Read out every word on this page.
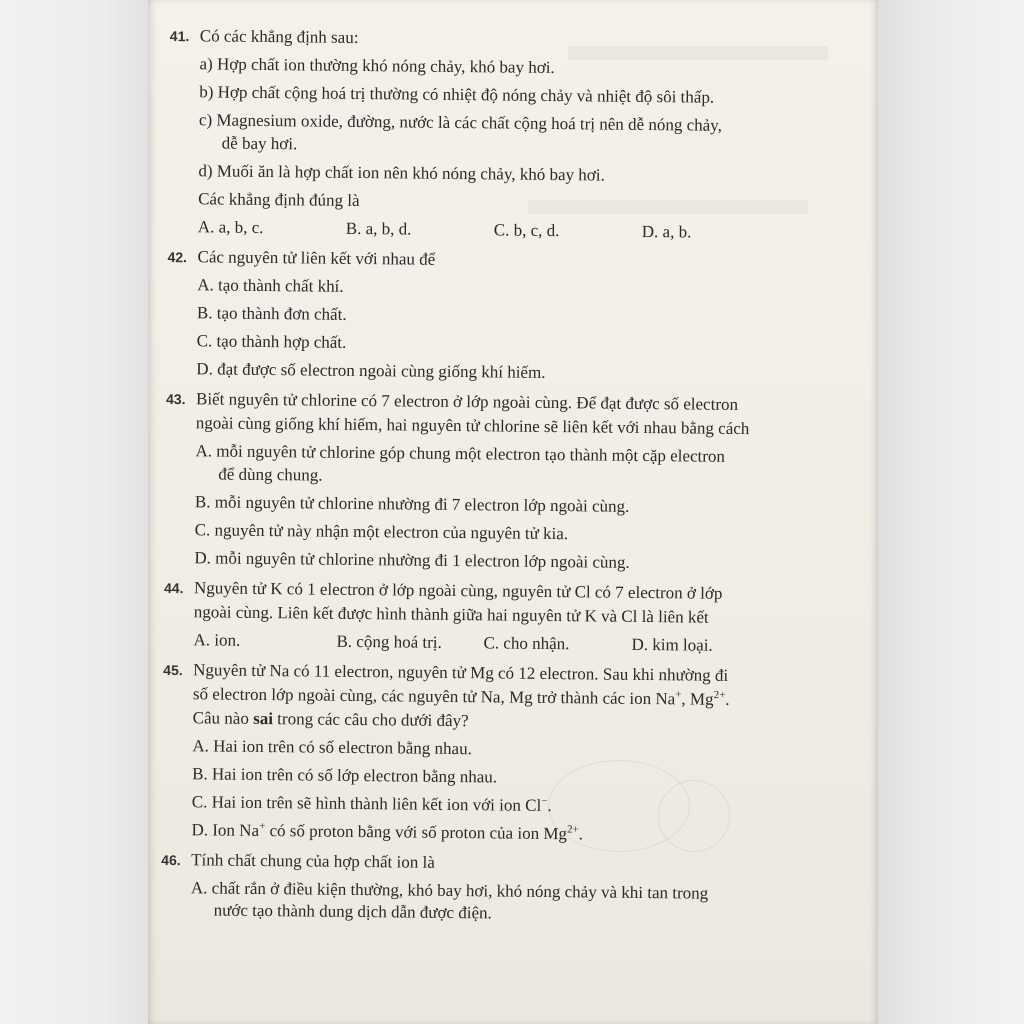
41. Có các khẳng định sau:

a) Hợp chất ion thường khó nóng chảy, khó bay hơi.

b) Hợp chất cộng hoá trị thường có nhiệt độ nóng chảy và nhiệt độ sôi thấp.

c) Magnesium oxide, đường, nước là các chất cộng hoá trị nên dễ nóng chảy,

dễ bay hơi.

d) Muối ăn là hợp chất ion nên khó nóng chảy, khó bay hơi.

Các khẳng định đúng là

A. a, b, c.	B. a, b, d.	C. b, c, d.	D. a, b.
42. Các nguyên tử liên kết với nhau để

A. tạo thành chất khí.

B. tạo thành đơn chất.

C. tạo thành hợp chất.

D. đạt được số electron ngoài cùng giống khí hiếm.

43. Biết nguyên tử chlorine có 7 electron ở lớp ngoài cùng. Để đạt được số electron

ngoài cùng giống khí hiếm, hai nguyên tử chlorine sẽ liên kết với nhau bằng cách

A. mỗi nguyên tử chlorine góp chung một electron tạo thành một cặp electron

để dùng chung.

B. mỗi nguyên tử chlorine nhường đi 7 electron lớp ngoài cùng.

C. nguyên tử này nhận một electron của nguyên tử kia.

D. mỗi nguyên tử chlorine nhường đi 1 electron lớp ngoài cùng.

44. Nguyên tử K có 1 electron ở lớp ngoài cùng, nguyên tử Cl có 7 electron ở lớp

ngoài cùng. Liên kết được hình thành giữa hai nguyên tử K và Cl là liên kết

A. ion.	B. cộng hoá trị.	C. cho nhận.	D. kim loại.
45. Nguyên tử Na có 11 electron, nguyên tử Mg có 12 electron. Sau khi nhường đi

số electron lớp ngoài cùng, các nguyên tử Na, Mg trở thành các ion Na+, $Mg^{2+}$.

Câu nào sai trong các câu cho dưới đây?

A. Hai ion trên có số electron bằng nhau.

B. Hai ion trên có số lớp electron bằng nhau.

C. Hai ion trên sẽ hình thành liên kết ion với ion Cl−.

D. Ion Na+ có số proton bằng với số proton của ion $Mg^{2+}$.

46. Tính chất chung của hợp chất ion là

A. chất rắn ở điều kiện thường, khó bay hơi, khó nóng chảy và khi tan trong

nước tạo thành dung dịch dẫn được điện.
